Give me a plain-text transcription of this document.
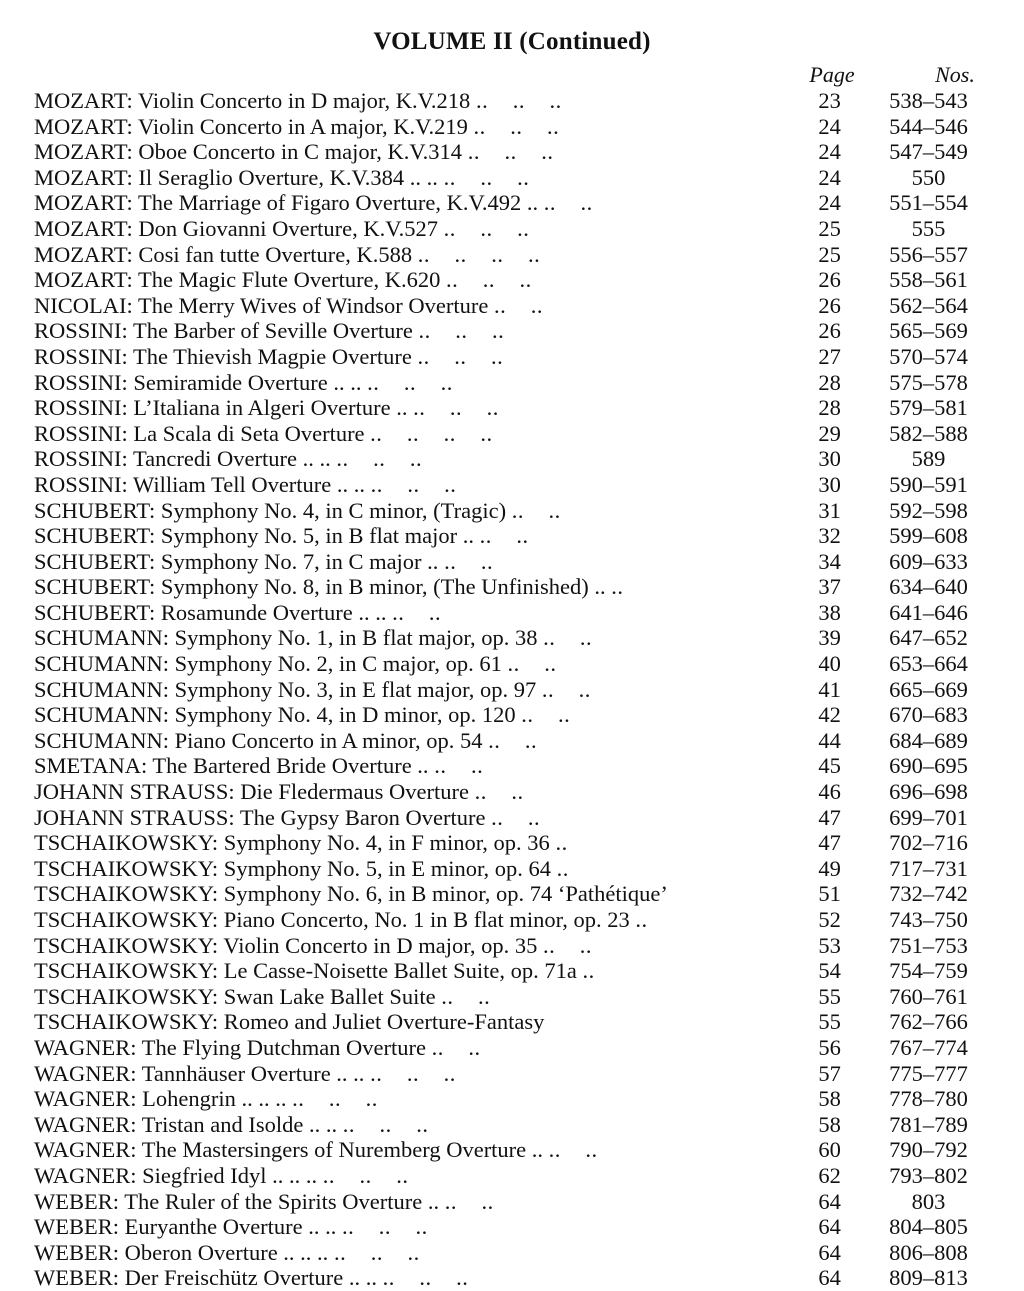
VOLUME II (Continued)
Page	Nos.
MOZART: Violin Concerto in D major, K.V.218 ..    ..    ..	23	538–543
MOZART: Violin Concerto in A major, K.V.219 ..    ..    ..	24	544–546
MOZART: Oboe Concerto in C major, K.V.314 ..    ..    ..	24	547–549
MOZART: Il Seraglio Overture, K.V.384 .. .. ..    ..    ..	24	550
MOZART: The Marriage of Figaro Overture, K.V.492 .. ..    ..	24	551–554
MOZART: Don Giovanni Overture, K.V.527 ..    ..    ..	25	555
MOZART: Cosi fan tutte Overture, K.588 ..    ..    ..    ..	25	556–557
MOZART: The Magic Flute Overture, K.620 ..    ..    ..	26	558–561
NICOLAI: The Merry Wives of Windsor Overture ..    ..	26	562–564
ROSSINI: The Barber of Seville Overture ..    ..    ..	26	565–569
ROSSINI: The Thievish Magpie Overture ..    ..    ..	27	570–574
ROSSINI: Semiramide Overture .. .. ..    ..    ..	28	575–578
ROSSINI: L’Italiana in Algeri Overture .. ..    ..    ..	28	579–581
ROSSINI: La Scala di Seta Overture ..    ..    ..    ..	29	582–588
ROSSINI: Tancredi Overture .. .. ..    ..    ..	30	589
ROSSINI: William Tell Overture .. .. ..    ..    ..	30	590–591
SCHUBERT: Symphony No. 4, in C minor, (Tragic) ..    ..	31	592–598
SCHUBERT: Symphony No. 5, in B flat major .. ..    ..	32	599–608
SCHUBERT: Symphony No. 7, in C major .. ..    ..	34	609–633
SCHUBERT: Symphony No. 8, in B minor, (The Unfinished) .. ..	37	634–640
SCHUBERT: Rosamunde Overture .. .. ..    ..	38	641–646
SCHUMANN: Symphony No. 1, in B flat major, op. 38 ..    ..	39	647–652
SCHUMANN: Symphony No. 2, in C major, op. 61 ..    ..	40	653–664
SCHUMANN: Symphony No. 3, in E flat major, op. 97 ..    ..	41	665–669
SCHUMANN: Symphony No. 4, in D minor, op. 120 ..    ..	42	670–683
SCHUMANN: Piano Concerto in A minor, op. 54 ..    ..	44	684–689
SMETANA: The Bartered Bride Overture .. ..    ..	45	690–695
JOHANN STRAUSS: Die Fledermaus Overture ..    ..	46	696–698
JOHANN STRAUSS: The Gypsy Baron Overture ..    ..	47	699–701
TSCHAIKOWSKY: Symphony No. 4, in F minor, op. 36 ..	47	702–716
TSCHAIKOWSKY: Symphony No. 5, in E minor, op. 64 ..	49	717–731
TSCHAIKOWSKY: Symphony No. 6, in B minor, op. 74 ‘Pathétique’	51	732–742
TSCHAIKOWSKY: Piano Concerto, No. 1 in B flat minor, op. 23 ..	52	743–750
TSCHAIKOWSKY: Violin Concerto in D major, op. 35 ..    ..	53	751–753
TSCHAIKOWSKY: Le Casse-Noisette Ballet Suite, op. 71a ..	54	754–759
TSCHAIKOWSKY: Swan Lake Ballet Suite ..    ..	55	760–761
TSCHAIKOWSKY: Romeo and Juliet Overture-Fantasy	55	762–766
WAGNER: The Flying Dutchman Overture ..    ..	56	767–774
WAGNER: Tannhäuser Overture .. .. ..    ..    ..	57	775–777
WAGNER: Lohengrin .. .. .. ..    ..    ..	58	778–780
WAGNER: Tristan and Isolde .. .. ..    ..    ..	58	781–789
WAGNER: The Mastersingers of Nuremberg Overture .. ..    ..	60	790–792
WAGNER: Siegfried Idyl .. .. .. ..    ..    ..	62	793–802
WEBER: The Ruler of the Spirits Overture .. ..    ..	64	803
WEBER: Euryanthe Overture .. .. ..    ..    ..	64	804–805
WEBER: Oberon Overture .. .. .. ..    ..    ..	64	806–808
WEBER: Der Freischütz Overture .. .. ..    ..    ..	64	809–813
